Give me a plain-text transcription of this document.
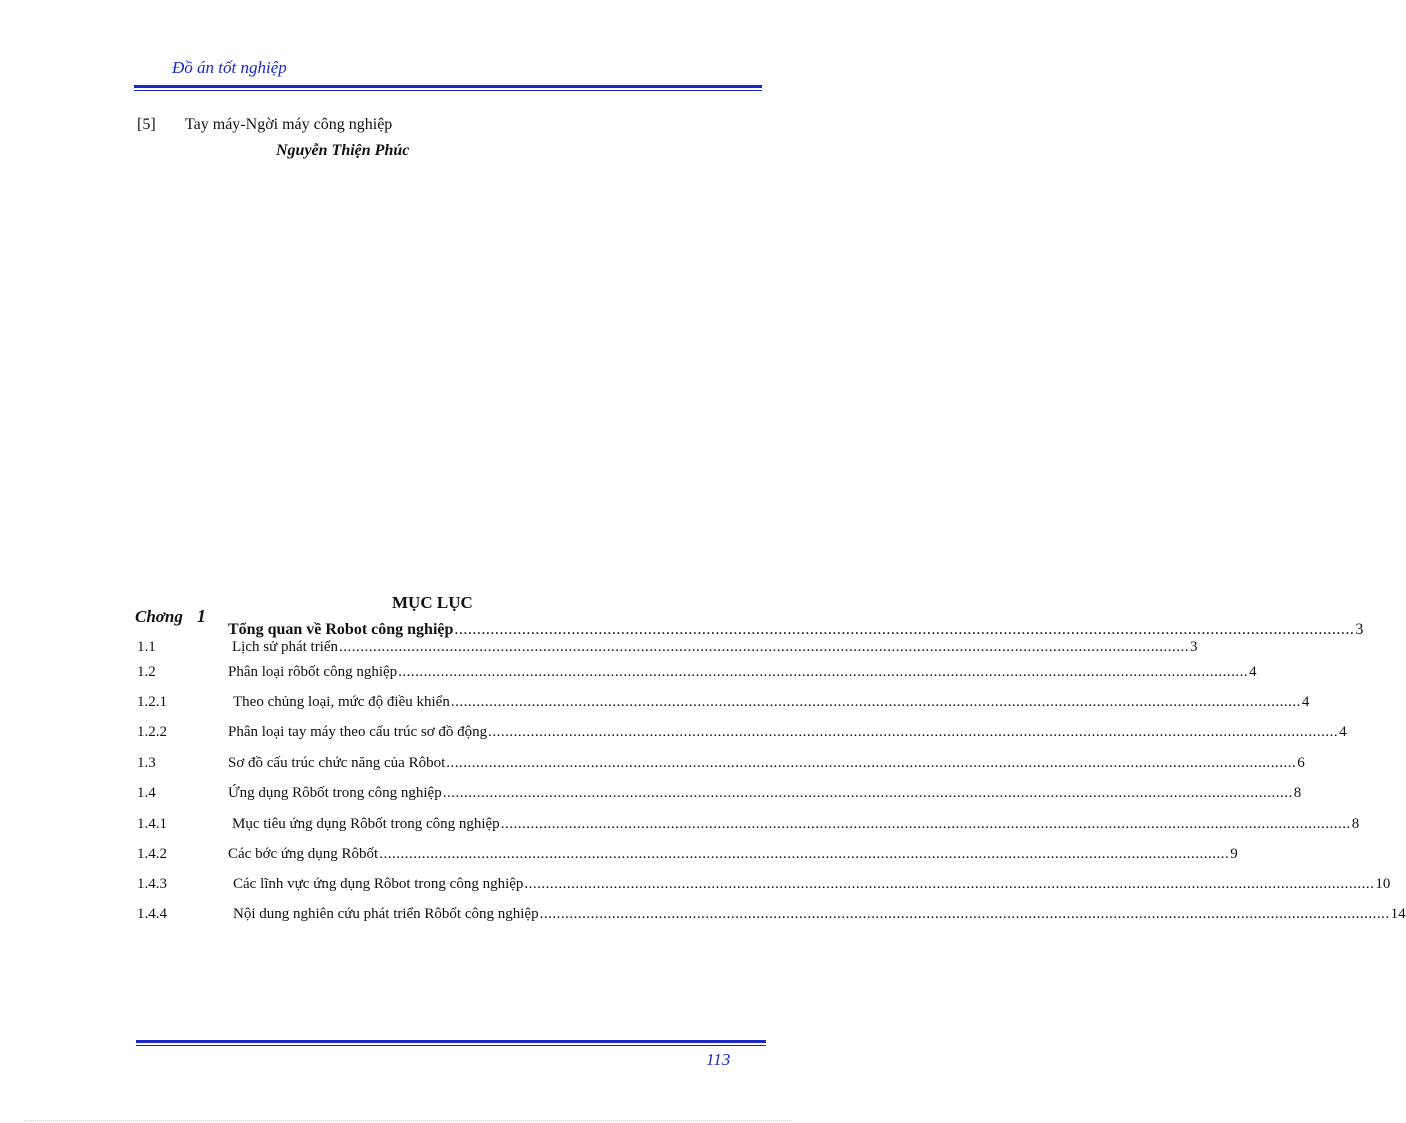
Đồ án tốt nghiệp
[5]	Tay máy-Ngời máy công nghiệp
Nguyễn Thiện Phúc
MỤC LỤC
Chơng 1
Tổng quan về Robot công nghiệp ........................................................................................................................................................................................................ 3
1.1	Lịch sử phát triển ........................................................................................................................................................................................................ 3
1.2	Phân loại rôbốt công nghiệp ........................................................................................................................................................................................................ 4
1.2.1	Theo chủng loại, mức độ điều khiển ........................................................................................................................................................................................................ 4
1.2.2	Phân loại tay máy theo cấu trúc sơ đồ động ........................................................................................................................................................................................................ 4
1.3	Sơ đồ cấu trúc chức năng của Rôbot ........................................................................................................................................................................................................ 6
1.4	Ứng dụng Rôbốt trong công nghiệp ........................................................................................................................................................................................................ 8
1.4.1	Mục tiêu ứng dụng Rôbốt trong công nghiệp ........................................................................................................................................................................................................ 8
1.4.2	Các bớc ứng dụng Rôbốt ........................................................................................................................................................................................................ 9
1.4.3	Các lĩnh vực ứng dụng Rôbot trong công nghiệp ........................................................................................................................................................................................................ 10
1.4.4	Nội dung nghiên cứu phát triển Rôbốt công nghiệp ........................................................................................................................................................................................................ 14
113
